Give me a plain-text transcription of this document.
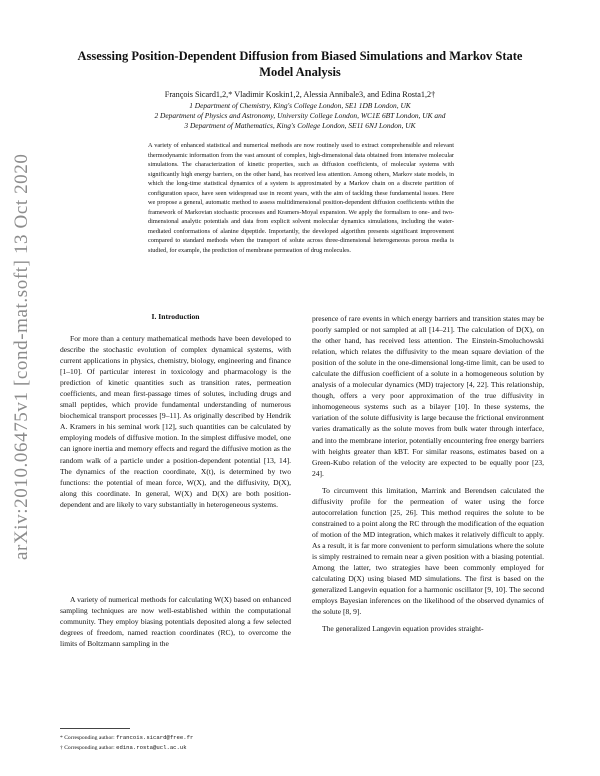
arXiv:2010.06475v1 [cond-mat.soft] 13 Oct 2020
Assessing Position-Dependent Diffusion from Biased Simulations and Markov State Model Analysis
François Sicard1,2,* Vladimir Koskin1,2, Alessia Annibale3, and Edina Rosta1,2†
1 Department of Chemistry, King's College London, SE1 1DB London, UK
2 Department of Physics and Astronomy, University College London, WC1E 6BT London, UK and
3 Department of Mathematics, King's College London, SE11 6NJ London, UK

A variety of enhanced statistical and numerical methods are now routinely used to extract comprehensible and relevant thermodynamic information from the vast amount of complex, high-dimensional data obtained from intensive molecular simulations. The characterization of kinetic properties, such as diffusion coefficients, of molecular systems with significantly high energy barriers, on the other hand, has received less attention. Among others, Markov state models, in which the long-time statistical dynamics of a system is approximated by a Markov chain on a discrete partition of configuration space, have seen widespread use in recent years, with the aim of tackling these fundamental issues. Here we propose a general, automatic method to assess multidimensional position-dependent diffusion coefficients within the framework of Markovian stochastic processes and Kramers-Moyal expansion. We apply the formalism to one- and two-dimensional analytic potentials and data from explicit solvent molecular dynamics simulations, including the water-mediated conformations of alanine dipeptide. Importantly, the developed algorithm presents significant improvement compared to standard methods when the transport of solute across three-dimensional heterogeneous porous media is studied, for example, the prediction of membrane permeation of drug molecules.

I. Introduction

For more than a century mathematical methods have been developed to describe the stochastic evolution of complex dynamical systems, with current applications in physics, chemistry, biology, engineering and finance [1–10]. Of particular interest in toxicology and pharmacology is the prediction of kinetic quantities such as transition rates, permeation coefficients, and mean first-passage times of solutes, including drugs and small peptides, which provide fundamental understanding of numerous biochemical transport processes [9–11]. As originally described by Hendrik A. Kramers in his seminal work [12], such quantities can be calculated by employing models of diffusive motion. In the simplest diffusive model, one can ignore inertia and memory effects and regard the diffusive motion as the random walk of a particle under a position-dependent potential [13, 14]. The dynamics of the reaction coordinate, X(t), is determined by two functions: the potential of mean force, W(X), and the diffusivity, D(X), along this coordinate. In general, W(X) and D(X) are both position-dependent and are likely to vary substantially in heterogeneous systems.

A variety of numerical methods for calculating W(X) based on enhanced sampling techniques are now well-established within the computational community. They employ biasing potentials deposited along a few selected degrees of freedom, named reaction coordinates (RC), to overcome the limits of Boltzmann sampling in the

presence of rare events in which energy barriers and transition states may be poorly sampled or not sampled at all [14–21]. The calculation of D(X), on the other hand, has received less attention. The Einstein-Smoluchowski relation, which relates the diffusivity to the mean square deviation of the position of the solute in the one-dimensional long-time limit, can be used to calculate the diffusion coefficient of a solute in a homogeneous solution by analysis of a molecular dynamics (MD) trajectory [4, 22]. This relationship, though, offers a very poor approximation of the true diffusivity in inhomogeneous systems such as a bilayer [10]. In these systems, the variation of the solute diffusivity is large because the frictional environment varies dramatically as the solute moves from bulk water through interface, and into the membrane interior, potentially encountering free energy barriers with heights greater than kBT. For similar reasons, estimates based on a Green-Kubo relation of the velocity are expected to be equally poor [23, 24].

To circumvent this limitation, Marrink and Berendsen calculated the diffusivity profile for the permeation of water using the force autocorrelation function [25, 26]. This method requires the solute to be constrained to a point along the RC through the modification of the equation of motion of the MD integration, which makes it relatively difficult to apply. As a result, it is far more convenient to perform simulations where the solute is simply restrained to remain near a given position with a biasing potential. Among the latter, two strategies have been commonly employed for calculating D(X) using biased MD simulations. The first is based on the generalized Langevin equation for a harmonic oscillator [9, 10]. The second employs Bayesian inferences on the likelihood of the observed dynamics of the solute [8, 9].

The generalized Langevin equation provides straight-

* Corresponding author: francois.sicard@free.fr
† Corresponding author: edina.rosta@ucl.ac.uk
